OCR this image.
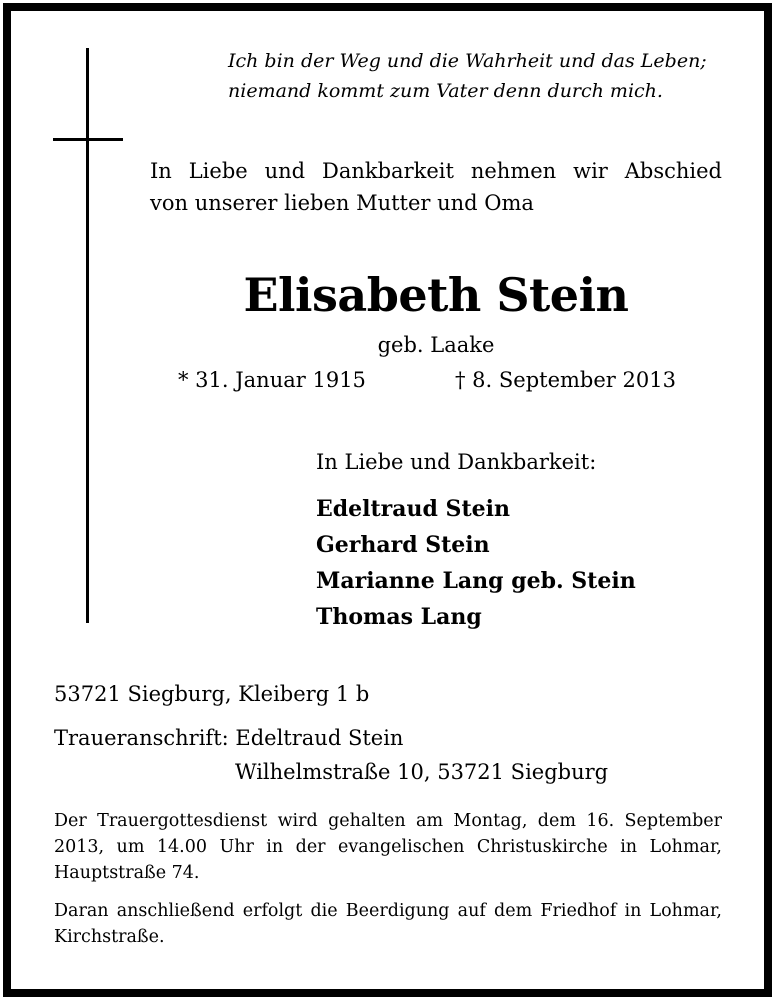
Ich bin der Weg und die Wahrheit und das Leben;
niemand kommt zum Vater denn durch mich.
In Liebe und Dankbarkeit nehmen wir Abschied
von unserer lieben Mutter und Oma
Elisabeth Stein
geb. Laake
* 31. Januar 1915	† 8. September 2013
In Liebe und Dankbarkeit:
Edeltraud Stein
Gerhard Stein
Marianne Lang geb. Stein
Thomas Lang
53721 Siegburg, Kleiberg 1 b
Traueranschrift: Edeltraud Stein
Wilhelmstraße 10, 53721 Siegburg
Der Trauergottesdienst wird gehalten am Montag, dem 16. September 2013, um 14.00 Uhr in der evangelischen Christuskirche in Lohmar, Hauptstraße 74.
Daran anschließend erfolgt die Beerdigung auf dem Friedhof in Lohmar, Kirchstraße.
